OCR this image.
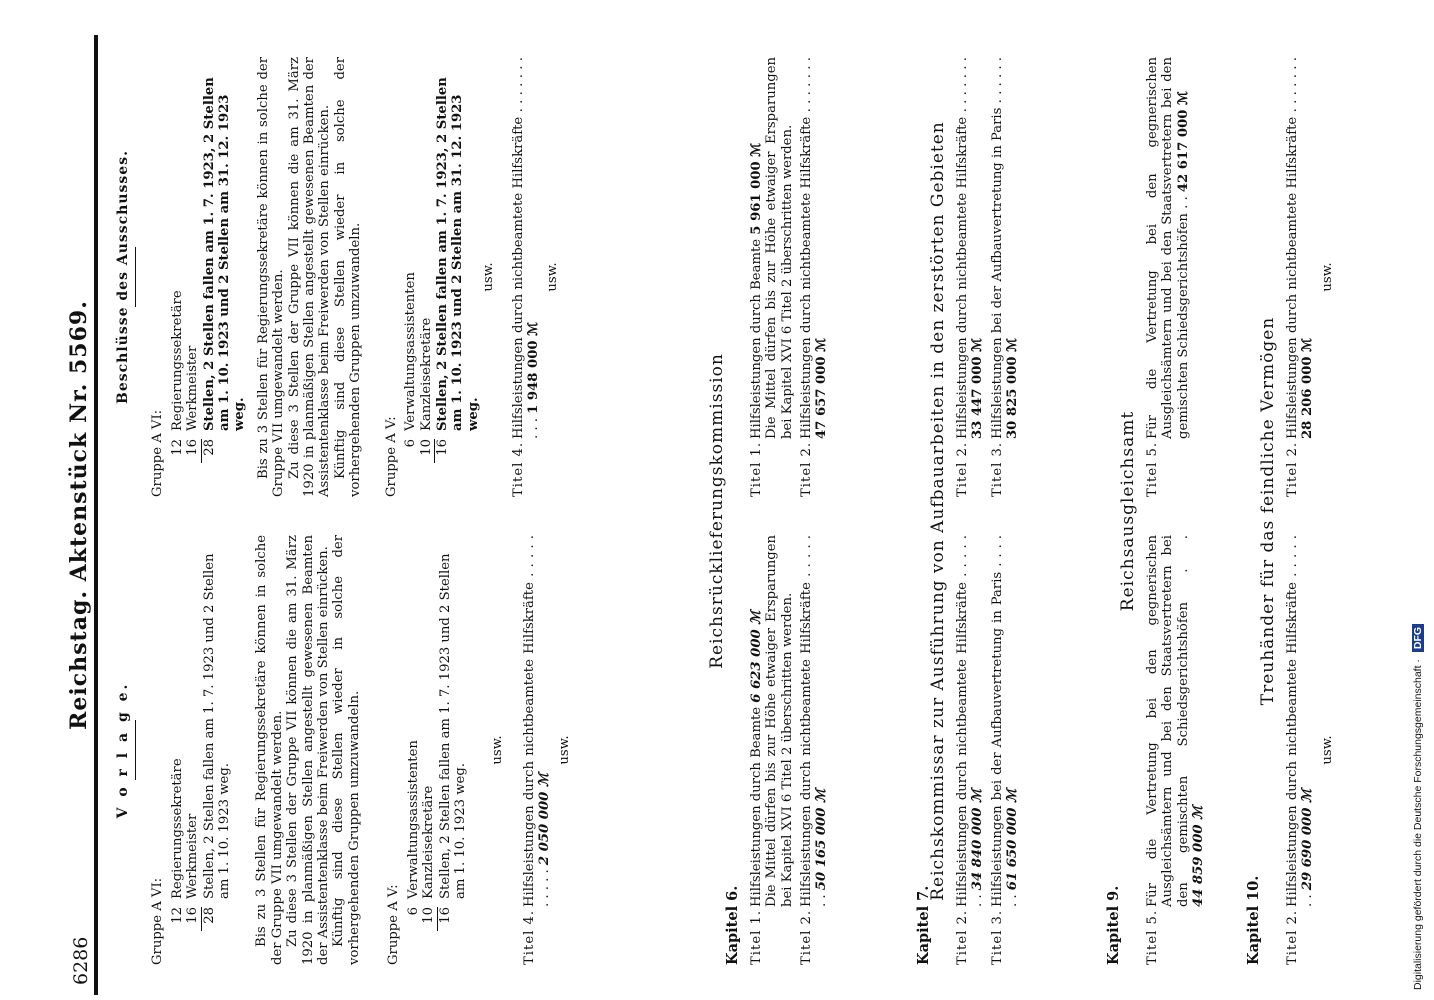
6286
Reichstag. Aktenstück Nr. 5569.
V o r l a g e.
Gruppe A VI: 12
Regierungssekretäre
16
Werkmeister
28
Stellen, 2 Stellen fallen am 1. 7. 1923 und 2 Stellen am 1. 10. 1923 weg. Bis zu 3 Stellen für Regierungssekretäre können in solche der Gruppe VII umgewandelt werden. Zu diese 3 Stellen der Gruppe VII können die am 31. März 1920 in planmäßigen Stellen angestellt gewesenen Beamten der Assistentenklasse beim Freiwerden von Stellen einrücken. Künftig sind diese Stellen wieder in solche der vorhergehenden Gruppen umzuwandeln. Gruppe A V: 6
Verwaltungsassistenten
10
Kanzleisekretäre
16
Stellen, 2 Stellen fallen am 1. 7. 1923 und 2 Stellen am 1. 10. 1923 weg.
usw.
Titel 4.
Hilfsleistungen durch nichtbeamtete Hilfskräfte . . . . . . . . . . 2 050 000 ℳ
usw.
Beschlüsse des Ausschusses.
Gruppe A VI: 12
Regierungssekretäre
16
Werkmeister
28
Stellen, 2 Stellen fallen am 1. 7. 1923, 2 Stellen am 1. 10. 1923 und 2 Stellen am 31. 12. 1923 weg. Bis zu 3 Stellen für Regierungssekretäre können in solche der Gruppe VII umgewandelt werden. Zu diese 3 Stellen der Gruppe VII können die am 31. März 1920 in planmäßigen Stellen angestellt gewesenen Beamten der Assistentenklasse beim Freiwerden von Stellen einrücken. Künftig sind diese Stellen wieder in solche der vorhergehenden Gruppen umzuwandeln. Gruppe A V: 6
Verwaltungsassistenten
10
Kanzleisekretäre
16
Stellen, 2 Stellen fallen am 1. 7. 1923, 2 Stellen am 1. 10. 1923 und 2 Stellen am 31. 12. 1923 weg.
usw.
Titel 4.
Hilfsleistungen durch nichtbeamtete Hilfskräfte . . . . . . . . . . 1 948 000 ℳ
usw.
Reichsrücklieferungskommission
Kapitel 6. Titel 1.
Hilfsleistungen durch Beamte 6 623 000 ℳ
Die Mittel dürfen bis zur Höhe etwaiger Ersparungen bei Kapitel XVI 6 Titel 2 überschritten werden.
Titel 2.
Hilfsleistungen durch nichtbeamtete Hilfskräfte . . . . . . . 50 165 000 ℳ
Titel 1.
Hilfsleistungen durch Beamte 5 961 000 ℳ
Die Mittel dürfen bis zur Höhe etwaiger Ersparungen bei Kapitel XVI 6 Titel 2 überschritten werden.
Titel 2.
Hilfsleistungen durch nichtbeamtete Hilfskräfte . . . . . . . 47 657 000 ℳ
Kapitel 7.
Reichskommissar zur Ausführung von Aufbauarbeiten in den zerstörten Gebieten
Titel 2.
Hilfsleistungen durch nichtbeamtete Hilfskräfte . . . . . . . 34 840 000 ℳ
Titel 3.
Hilfsleistungen bei der Aufbauvertretung in Paris . . . . . . 61 650 000 ℳ
Titel 2.
Hilfsleistungen durch nichtbeamtete Hilfskräfte . . . . . . . 33 447 000 ℳ
Titel 3.
Hilfsleistungen bei der Aufbauvertretung in Paris . . . . . . 30 825 000 ℳ
Kapitel 9.
Reichsausgleichsamt
Titel 5.
Für die Vertretung bei den gegnerischen Ausgleichsämtern und bei den Staatsvertretern bei den gemischten Schiedsgerichtshöfen . . 44 859 000 ℳ
Titel 5.
Für die Vertretung bei den gegnerischen Ausgleichsämtern und bei den Staatsvertretern bei den gemischten Schiedsgerichtshöfen . . 42 617 000 ℳ
Kapitel 10.
Treuhänder für das feindliche Vermögen
Titel 2.
Hilfsleistungen durch nichtbeamtete Hilfskräfte . . . . . . . 29 690 000 ℳ
usw.
Titel 2.
Hilfsleistungen durch nichtbeamtete Hilfskräfte . . . . . . . 28 206 000 ℳ
usw.
Digitalisierung gefördert durch die Deutsche Forschungsgemeinschaft · DFG
